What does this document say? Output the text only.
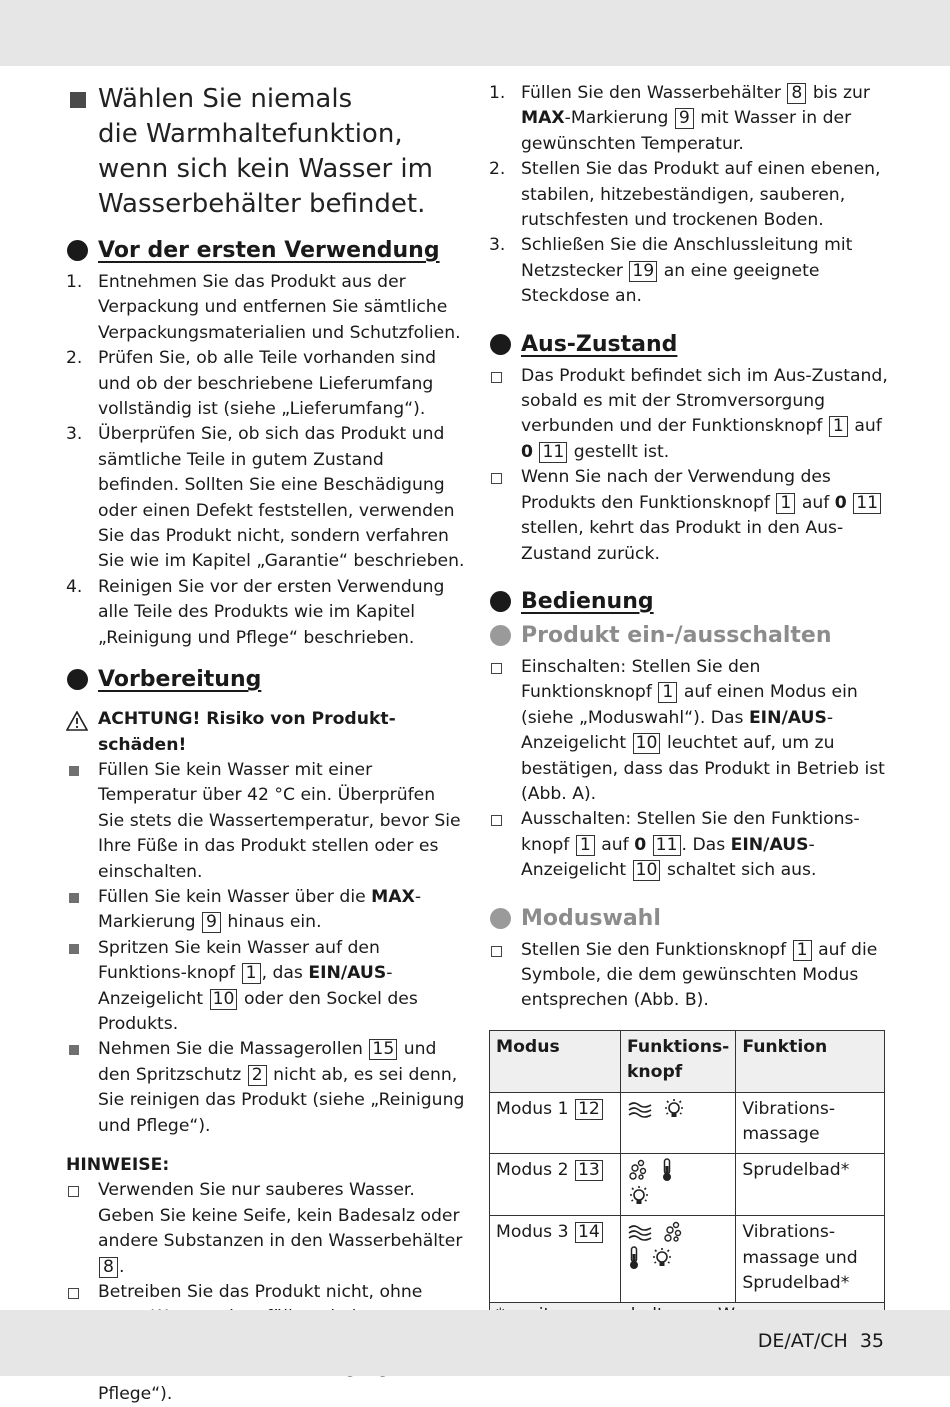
Wählen Sie niemals
die Warmhaltefunktion,
wenn sich kein Wasser im
Wasserbehälter befindet.
Vor der ersten Verwendung
1. Entnehmen Sie das Produkt aus der Verpackung und entfernen Sie sämtliche Verpackungsmaterialien und Schutzfolien.
2. Prüfen Sie, ob alle Teile vorhanden sind und ob der beschriebene Lieferumfang vollständig ist (siehe „Lieferumfang“).
3. Überprüfen Sie, ob sich das Produkt und sämtliche Teile in gutem Zustand befinden. Sollten Sie eine Beschädigung oder einen Defekt feststellen, verwenden Sie das Produkt nicht, sondern verfahren Sie wie im Kapitel „Garantie“ beschrieben.
4. Reinigen Sie vor der ersten Verwendung alle Teile des Produkts wie im Kapitel „Reinigung und Pflege“ beschrieben.
Vorbereitung
ACHTUNG! Risiko von Produkt-
schäden!
Füllen Sie kein Wasser mit einer Temperatur über 42 °C ein. Überprüfen Sie stets die Wassertemperatur, bevor Sie Ihre Füße in das Produkt stellen oder es einschalten.
Füllen Sie kein Wasser über die MAX-Markierung 9 hinaus ein.
Spritzen Sie kein Wasser auf den Funktions-knopf 1 , das EIN/AUS-Anzeigelicht 10 oder den Sockel des Produkts.
Nehmen Sie die Massagerollen 15 und den Spritzschutz 2 nicht ab, es sei denn, Sie reinigen das Produkt (siehe „Reinigung und Pflege“).
HINWEISE:
Verwenden Sie nur sauberes Wasser. Geben Sie keine Seife, kein Badesalz oder andere Substanzen in den Wasserbehälter 8 .
Betreiben Sie das Produkt nicht, ohne
Pflege“).
1. Füllen Sie den Wasserbehälter 8 bis zur MAX-Markierung 9 mit Wasser in der gewünschten Temperatur.
2. Stellen Sie das Produkt auf einen ebenen, stabilen, hitzebeständigen, sauberen, rutschfesten und trockenen Boden.
3. Schließen Sie die Anschlussleitung mit Netzstecker 19 an eine geeignete Steckdose an.
Aus-Zustand
Das Produkt befindet sich im Aus-Zustand, sobald es mit der Stromversorgung verbunden und der Funktionsknopf 1 auf 0 11 gestellt ist.
Wenn Sie nach der Verwendung des Produkts den Funktionsknopf 1 auf 0 11 stellen, kehrt das Produkt in den Aus-Zustand zurück.
Bedienung
Produkt ein-/ausschalten
Einschalten: Stellen Sie den Funktionsknopf 1 auf einen Modus ein (siehe „Moduswahl“). Das EIN/AUS-Anzeigelicht 10 leuchtet auf, um zu bestätigen, dass das Produkt in Betrieb ist (Abb. A).
Ausschalten: Stellen Sie den Funktions-knopf 1 auf 0 11 . Das EIN/AUS-Anzeigelicht 10 schaltet sich aus.
Moduswahl
Stellen Sie den Funktionsknopf 1 auf die Symbole, die dem gewünschten Modus entsprechen (Abb. B).
Modus	Funktions-knopf	Funktion
Modus 1 12		Vibrations-massage
Modus 2 13		Sprudelbad*
Modus 3 14		Vibrations-massage und Sprudelbad*

DE/AT/CH 35
